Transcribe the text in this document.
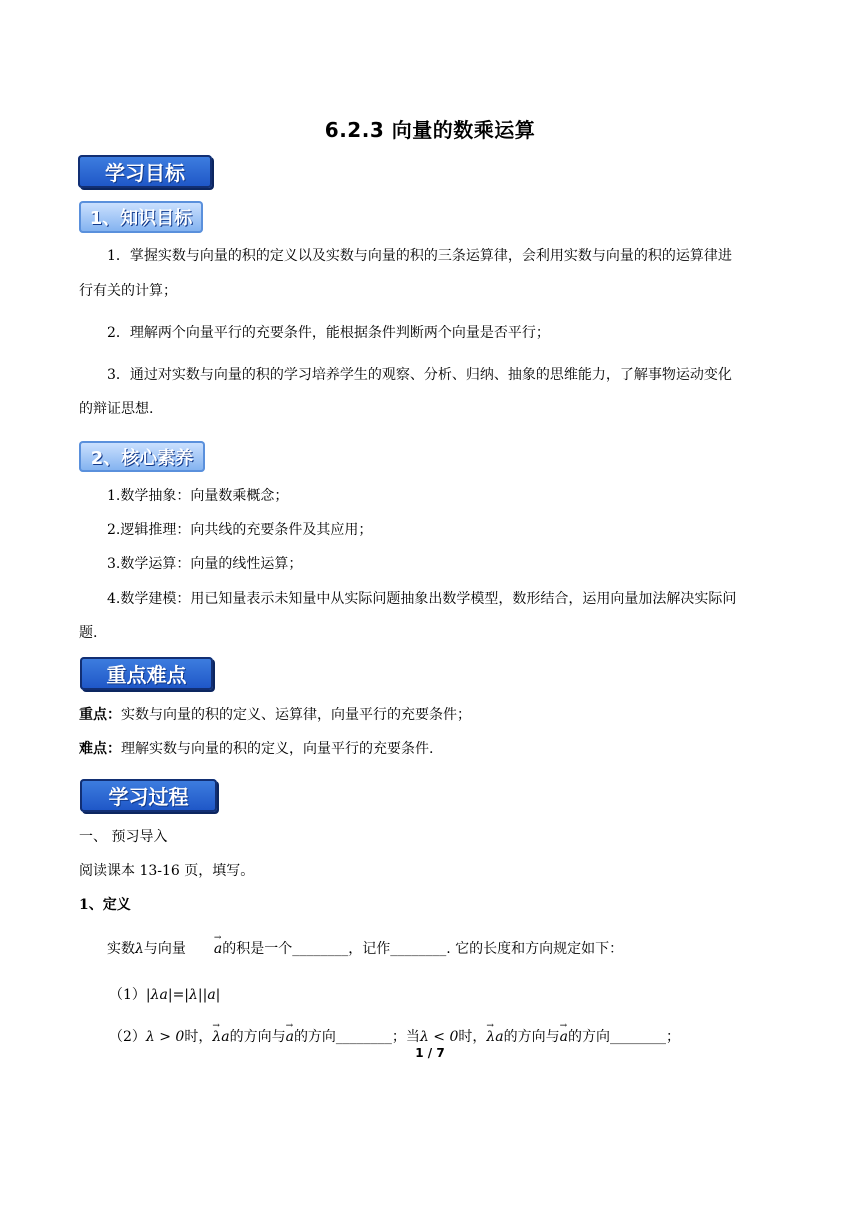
6.2.3 向量的数乘运算
学习目标
1、知识目标
1．掌握实数与向量的积的定义以及实数与向量的积的三条运算律，会利用实数与向量的积的运算律进
行有关的计算；
2．理解两个向量平行的充要条件，能根据条件判断两个向量是否平行；
3．通过对实数与向量的积的学习培养学生的观察、分析、归纳、抽象的思维能力，了解事物运动变化
的辩证思想.
2、核心素养
1.数学抽象：向量数乘概念；
2.逻辑推理：向共线的充要条件及其应用；
3.数学运算：向量的线性运算；
4.数学建模：用已知量表示未知量中从实际问题抽象出数学模型，数形结合，运用向量加法解决实际问
题.
重点难点
重点：实数与向量的积的定义、运算律，向量平行的充要条件；
难点：理解实数与向量的积的定义，向量平行的充要条件.
学习过程
一、 预习导入
阅读课本 13-16 页，填写。
1、定义
实数λ与向量→ a的积是一个________，记作________. 它的长度和方向规定如下：
（1）|λa|=|λ||a|
（2）λ > 0时，→ λa的方向与→ a的方向________；当λ < 0时，→ λa的方向与→ a的方向________；
1 / 7
